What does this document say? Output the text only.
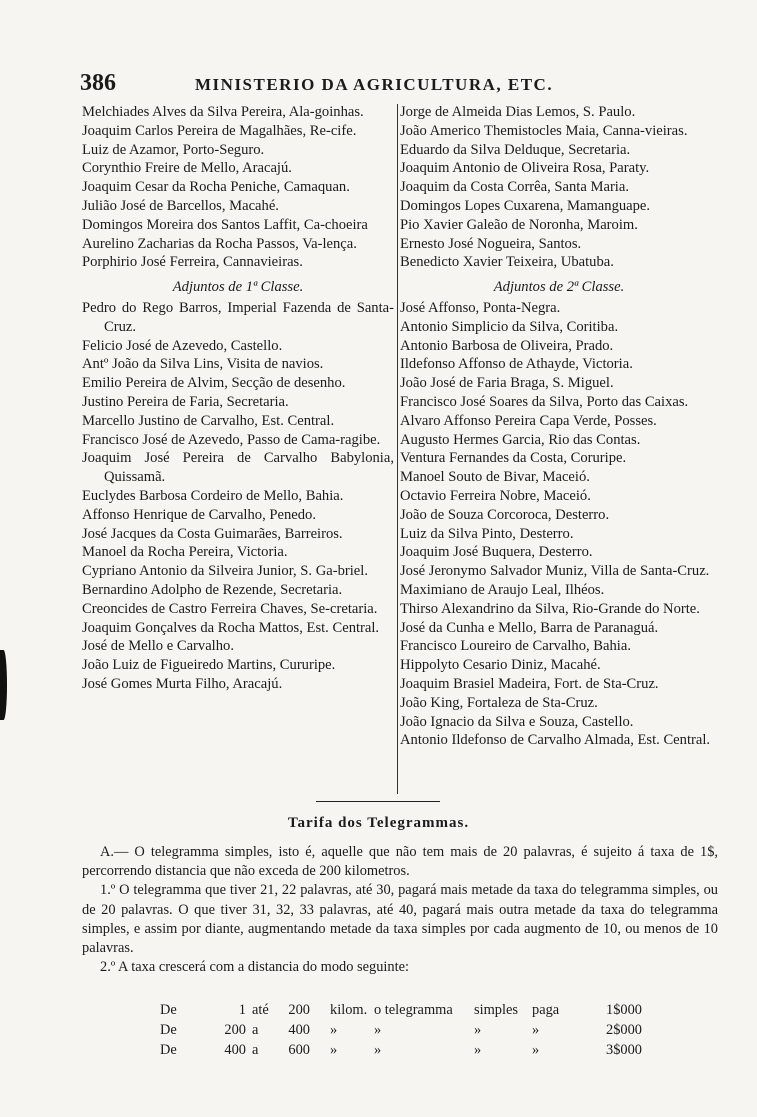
386	MINISTERIO DA AGRICULTURA, ETC.
Melchiades Alves da Silva Pereira, Ala-goinhas.
Joaquim Carlos Pereira de Magalhães, Re-cife.
Luiz de Azamor, Porto-Seguro.
Corynthio Freire de Mello, Aracajú.
Joaquim Cesar da Rocha Peniche, Camaquan.
Julião José de Barcellos, Macahé.
Domingos Moreira dos Santos Laffit, Ca-choeira
Aurelino Zacharias da Rocha Passos, Va-lença.
Porphirio José Ferreira, Cannavieiras.
Adjuntos de 1ª Classe.
Pedro do Rego Barros, Imperial Fazenda de Santa-Cruz.
Felicio José de Azevedo, Castello.
Antº João da Silva Lins, Visita de navios.
Emilio Pereira de Alvim, Secção de desenho.
Justino Pereira de Faria, Secretaria.
Marcello Justino de Carvalho, Est. Central.
Francisco José de Azevedo, Passo de Cama-ragibe.
Joaquim José Pereira de Carvalho Babylonia, Quissamã.
Euclydes Barbosa Cordeiro de Mello, Bahia.
Affonso Henrique de Carvalho, Penedo.
José Jacques da Costa Guimarães, Barreiros.
Manoel da Rocha Pereira, Victoria.
Cypriano Antonio da Silveira Junior, S. Ga-briel.
Bernardino Adolpho de Rezende, Secretaria.
Creoncides de Castro Ferreira Chaves, Se-cretaria.
Joaquim Gonçalves da Rocha Mattos, Est. Central.
José de Mello e Carvalho.
João Luiz de Figueiredo Martins, Cururipe.
José Gomes Murta Filho, Aracajú.
Jorge de Almeida Dias Lemos, S. Paulo.
João Americo Themistocles Maia, Canna-vieiras.
Eduardo da Silva Delduque, Secretaria.
Joaquim Antonio de Oliveira Rosa, Paraty.
Joaquim da Costa Corrêa, Santa Maria.
Domingos Lopes Cuxarena, Mamanguape.
Pio Xavier Galeão de Noronha, Maroim.
Ernesto José Nogueira, Santos.
Benedicto Xavier Teixeira, Ubatuba.
Adjuntos de 2ª Classe.
José Affonso, Ponta-Negra.
Antonio Simplicio da Silva, Coritiba.
Antonio Barbosa de Oliveira, Prado.
Ildefonso Affonso de Athayde, Victoria.
João José de Faria Braga, S. Miguel.
Francisco José Soares da Silva, Porto das Caixas.
Alvaro Affonso Pereira Capa Verde, Posses.
Augusto Hermes Garcia, Rio das Contas.
Ventura Fernandes da Costa, Coruripe.
Manoel Souto de Bivar, Maceió.
Octavio Ferreira Nobre, Maceió.
João de Souza Corcoroca, Desterro.
Luiz da Silva Pinto, Desterro.
Joaquim José Buquera, Desterro.
José Jeronymo Salvador Muniz, Villa de Santa-Cruz.
Maximiano de Araujo Leal, Ilhéos.
Thirso Alexandrino da Silva, Rio-Grande do Norte.
José da Cunha e Mello, Barra de Paranaguá.
Francisco Loureiro de Carvalho, Bahia.
Hippolyto Cesario Diniz, Macahé.
Joaquim Brasiel Madeira, Fort. de Sta-Cruz.
João King, Fortaleza de Sta-Cruz.
João Ignacio da Silva e Souza, Castello.
Antonio Ildefonso de Carvalho Almada, Est. Central.
Tarifa dos Telegrammas.

A.— O telegramma simples, isto é, aquelle que não tem mais de 20 palavras, é sujeito á taxa de 1$, percorrendo distancia que não exceda de 200 kilometros.

1.º O telegramma que tiver 21, 22 palavras, até 30, pagará mais metade da taxa do telegramma simples, ou de 20 palavras. O que tiver 31, 32, 33 palavras, até 40, pagará mais outra metade da taxa do telegramma simples, e assim por diante, augmentando metade da taxa simples por cada augmento de 10, ou menos de 10 palavras.

2.º A taxa crescerá com a distancia do modo seguinte:

De	1	até	200	kilom.	o telegramma	simples	paga	1$000
De	200	a	400	»	»	»	»	2$000
De	400	a	600	»	»	»	»	3$000
